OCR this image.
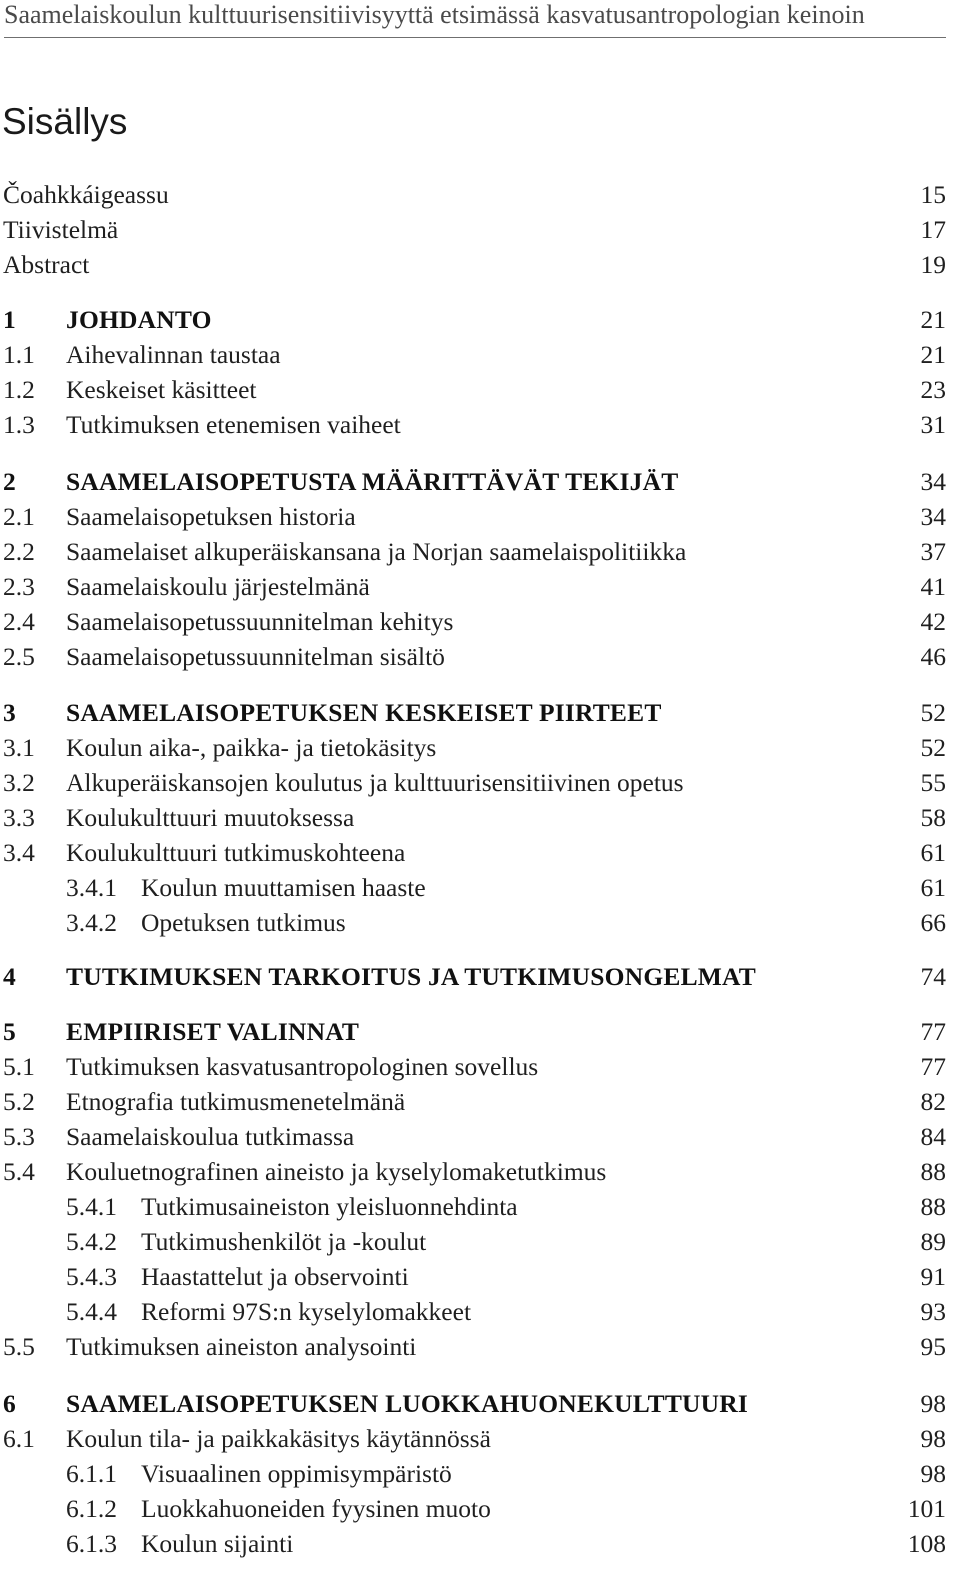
Saamelaiskoulun kulttuurisensitiivisyyttä etsimässä kasvatusantropologian keinoin
Sisällys
Čoahkkáigeassu	15
Tiivistelmä	17
Abstract	19
1 JOHDANTO	21
1.1 Aihevalinnan taustaa	21
1.2 Keskeiset käsitteet	23
1.3 Tutkimuksen etenemisen vaiheet	31
2 SAAMELAISOPETUSTA MÄÄRITTÄVÄT TEKIJÄT	34
2.1 Saamelaisopetuksen historia	34
2.2 Saamelaiset alkuperäiskansana ja Norjan saamelaispolitiikka	37
2.3 Saamelaiskoulu järjestelmänä	41
2.4 Saamelaisopetussuunnitelman kehitys	42
2.5 Saamelaisopetussuunnitelman sisältö	46
3 SAAMELAISOPETUKSEN KESKEISET PIIRTEET	52
3.1 Koulun aika-, paikka- ja tietokäsitys	52
3.2 Alkuperäiskansojen koulutus ja kulttuurisensitiivinen opetus	55
3.3 Koulukulttuuri muutoksessa	58
3.4 Koulukulttuuri tutkimuskohteena	61
3.4.1 Koulun muuttamisen haaste	61
3.4.2 Opetuksen tutkimus	66
4 TUTKIMUKSEN TARKOITUS JA TUTKIMUSONGELMAT	74
5 EMPIIRISET VALINNAT	77
5.1 Tutkimuksen kasvatusantropologinen sovellus	77
5.2 Etnografia tutkimusmenetelmänä	82
5.3 Saamelaiskoulua tutkimassa	84
5.4 Kouluetnografinen aineisto ja kyselylomaketutkimus	88
5.4.1 Tutkimusaineiston yleisluonnehdinta	88
5.4.2 Tutkimushenkilöt ja -koulut	89
5.4.3 Haastattelut ja observointi	91
5.4.4 Reformi 97S:n kyselylomakkeet	93
5.5 Tutkimuksen aineiston analysointi	95
6 SAAMELAISOPETUKSEN LUOKKAHUONEKULTTUURI	98
6.1 Koulun tila- ja paikkakäsitys käytännössä	98
6.1.1 Visuaalinen oppimisympäristö	98
6.1.2 Luokkahuoneiden fyysinen muoto	101
6.1.3 Koulun sijainti	108
